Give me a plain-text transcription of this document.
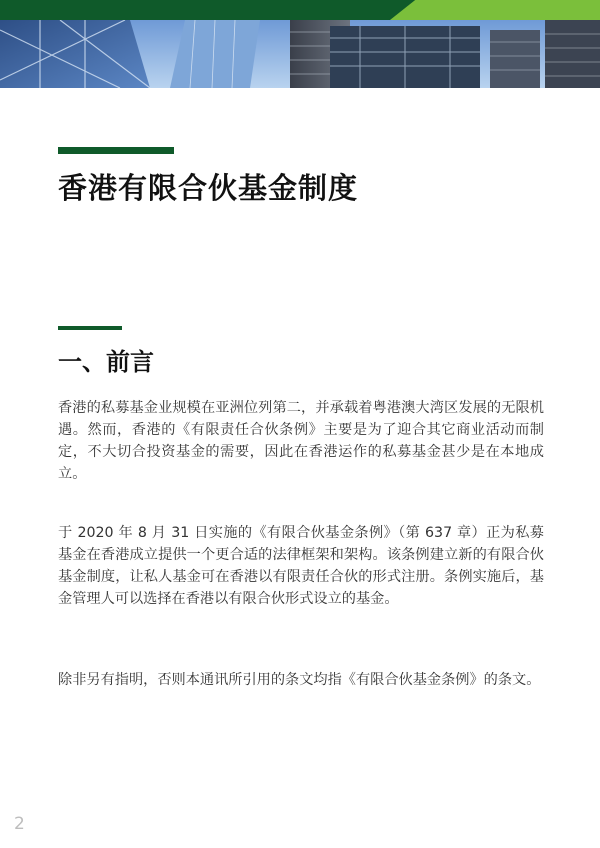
香港有限合伙基金制度
一、前言

香港的私募基金业规模在亚洲位列第二，并承载着粤港澳大湾区发展的无限机遇。然而，香港的《有限责任合伙条例》主要是为了迎合其它商业活动而制定，不大切合投资基金的需要，因此在香港运作的私募基金甚少是在本地成立。

于 2020 年 8 月 31 日实施的《有限合伙基金条例》（第 637 章）正为私募基金在香港成立提供一个更合适的法律框架和架构。该条例建立新的有限合伙基金制度，让私人基金可在香港以有限责任合伙的形式注册。条例实施后，基金管理人可以选择在香港以有限合伙形式设立的基金。

除非另有指明，否则本通讯所引用的条文均指《有限合伙基金条例》的条文。

2
